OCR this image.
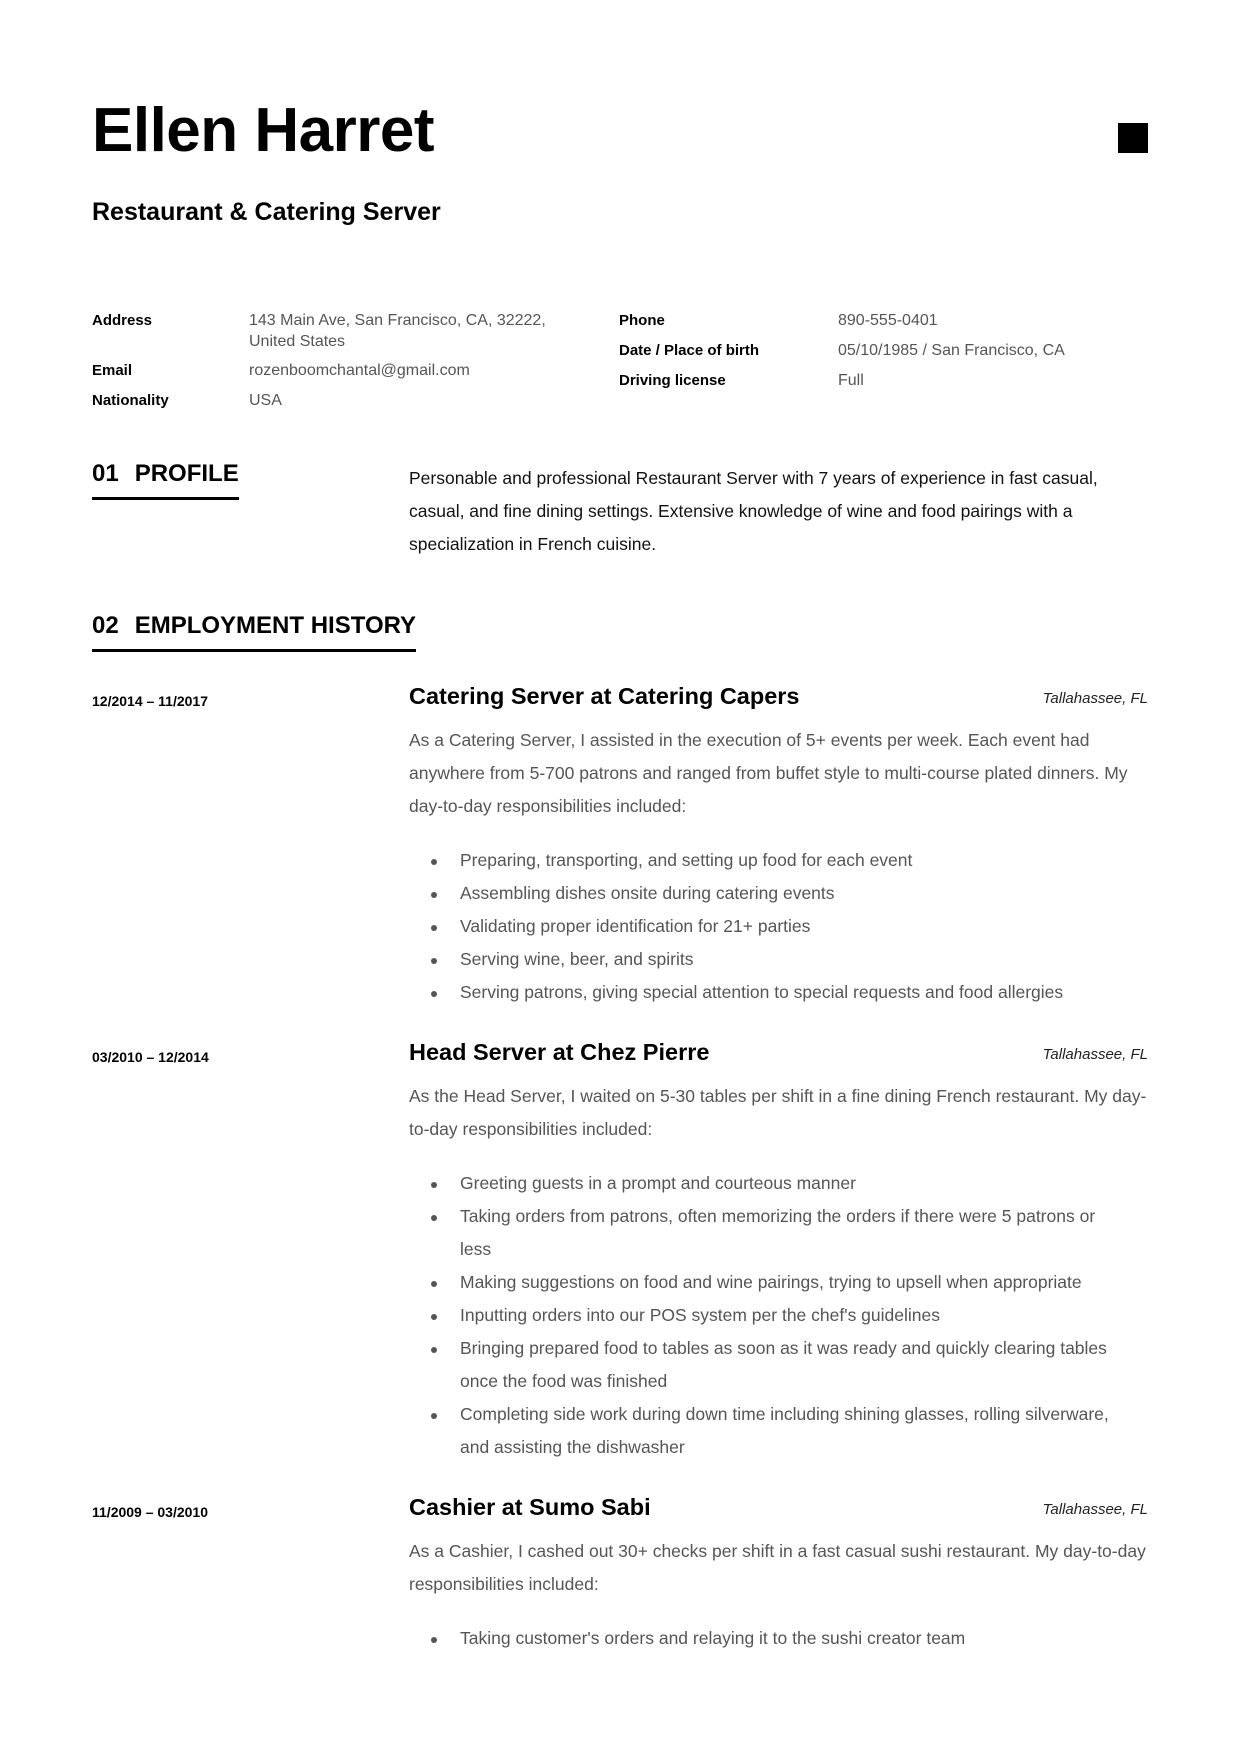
Ellen Harret
Restaurant & Catering Server
Address	143 Main Ave, San Francisco, CA, 32222,
United States
Email	rozenboomchantal@gmail.com
Nationality	USA
Phone	890-555-0401
Date / Place of birth	05/10/1985 / San Francisco, CA
Driving license	Full
01 PROFILE	Personable and professional Restaurant Server with 7 years of experience in fast casual, casual, and fine dining settings. Extensive knowledge of wine and food pairings with a specialization in French cuisine.

02 EMPLOYMENT HISTORY
12/2014 – 11/2017	Catering Server at Catering Capers	Tallahassee, FL

As a Catering Server, I assisted in the execution of 5+ events per week. Each event had anywhere from 5-700 patrons and ranged from buffet style to multi-course plated dinners. My day-to-day responsibilities included:

Preparing, transporting, and setting up food for each event
Assembling dishes onsite during catering events
Validating proper identification for 21+ parties
Serving wine, beer, and spirits
Serving patrons, giving special attention to special requests and food allergies
03/2010 – 12/2014	Head Server at Chez Pierre	Tallahassee, FL

As the Head Server, I waited on 5-30 tables per shift in a fine dining French restaurant. My day-to-day responsibilities included:

Greeting guests in a prompt and courteous manner
Taking orders from patrons, often memorizing the orders if there were 5 patrons or less
Making suggestions on food and wine pairings, trying to upsell when appropriate
Inputting orders into our POS system per the chef's guidelines
Bringing prepared food to tables as soon as it was ready and quickly clearing tables once the food was finished
Completing side work during down time including shining glasses, rolling silverware, and assisting the dishwasher
11/2009 – 03/2010	Cashier at Sumo Sabi	Tallahassee, FL

As a Cashier, I cashed out 30+ checks per shift in a fast casual sushi restaurant. My day-to-day responsibilities included:

Taking customer's orders and relaying it to the sushi creator team
